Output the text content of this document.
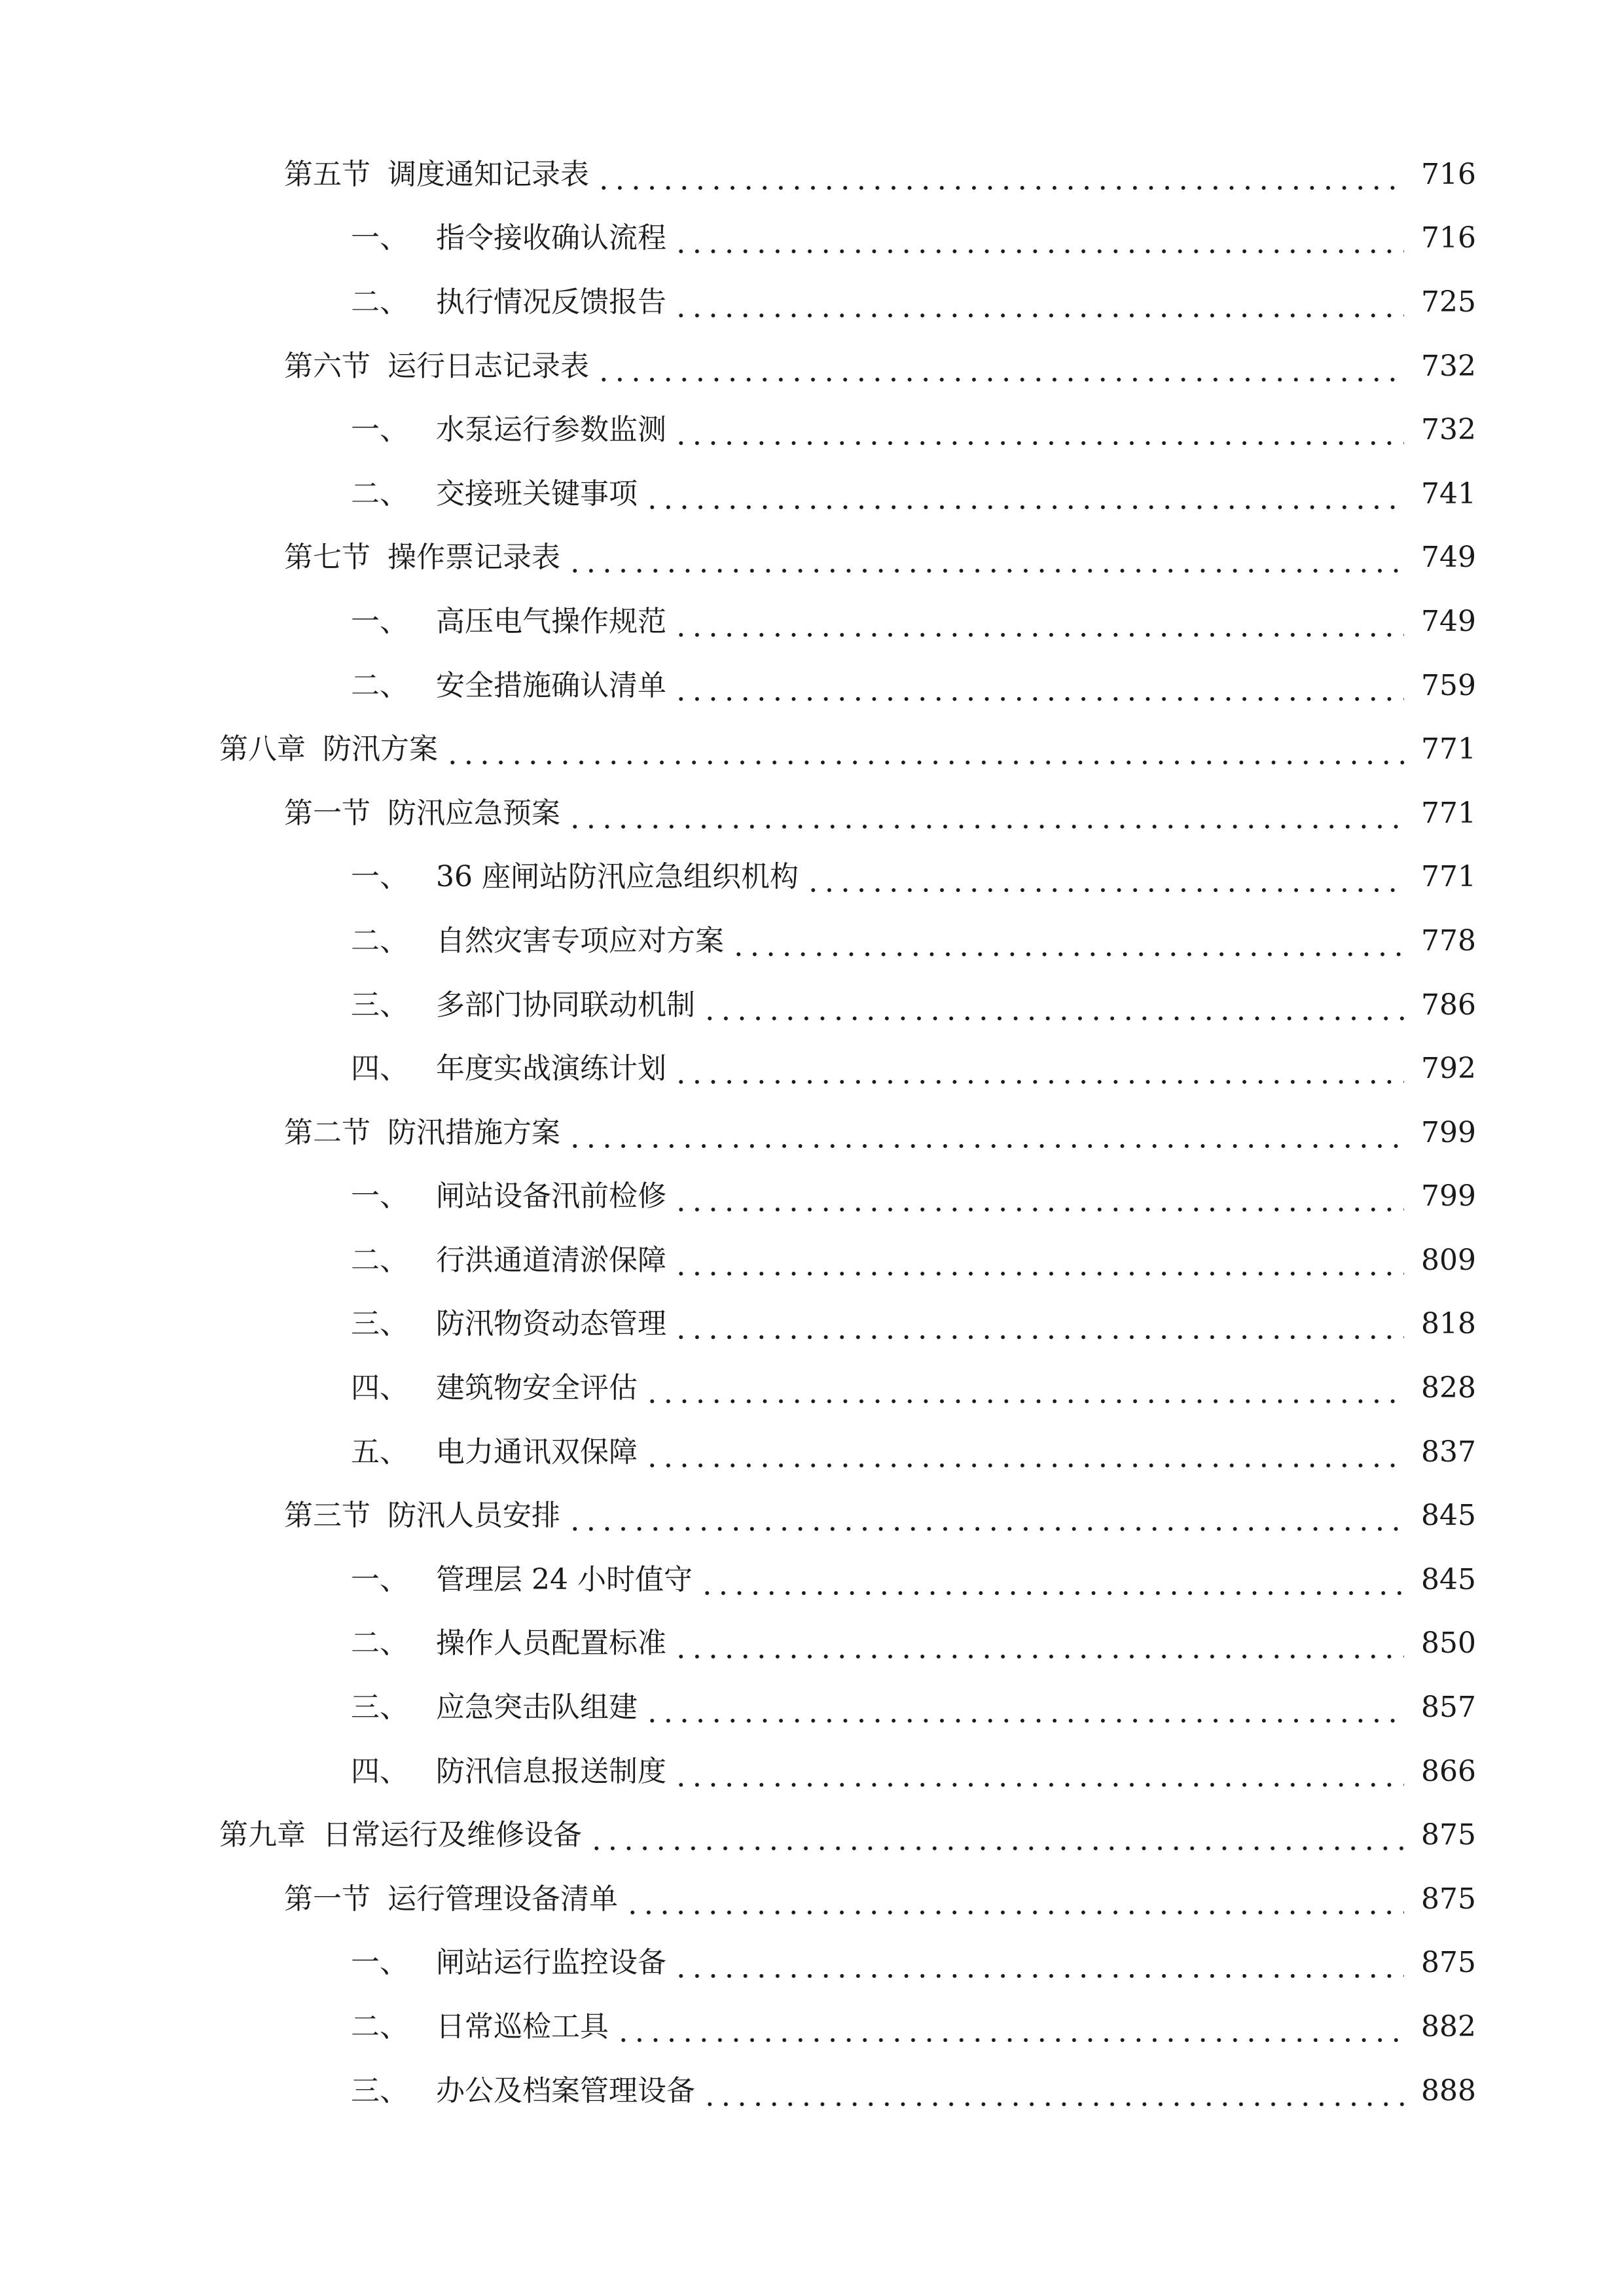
第五节 调度通知记录表	716
一、 指令接收确认流程	716
二、 执行情况反馈报告	725
第六节 运行日志记录表	732
一、 水泵运行参数监测	732
二、 交接班关键事项	741
第七节 操作票记录表	749
一、 高压电气操作规范	749
二、 安全措施确认清单	759
第八章 防汛方案	771
第一节 防汛应急预案	771
一、 36 座闸站防汛应急组织机构	771
二、 自然灾害专项应对方案	778
三、 多部门协同联动机制	786
四、 年度实战演练计划	792
第二节 防汛措施方案	799
一、 闸站设备汛前检修	799
二、 行洪通道清淤保障	809
三、 防汛物资动态管理	818
四、 建筑物安全评估	828
五、 电力通讯双保障	837
第三节 防汛人员安排	845
一、 管理层 24 小时值守	845
二、 操作人员配置标准	850
三、 应急突击队组建	857
四、 防汛信息报送制度	866
第九章 日常运行及维修设备	875
第一节 运行管理设备清单	875
一、 闸站运行监控设备	875
二、 日常巡检工具	882
三、 办公及档案管理设备	888
